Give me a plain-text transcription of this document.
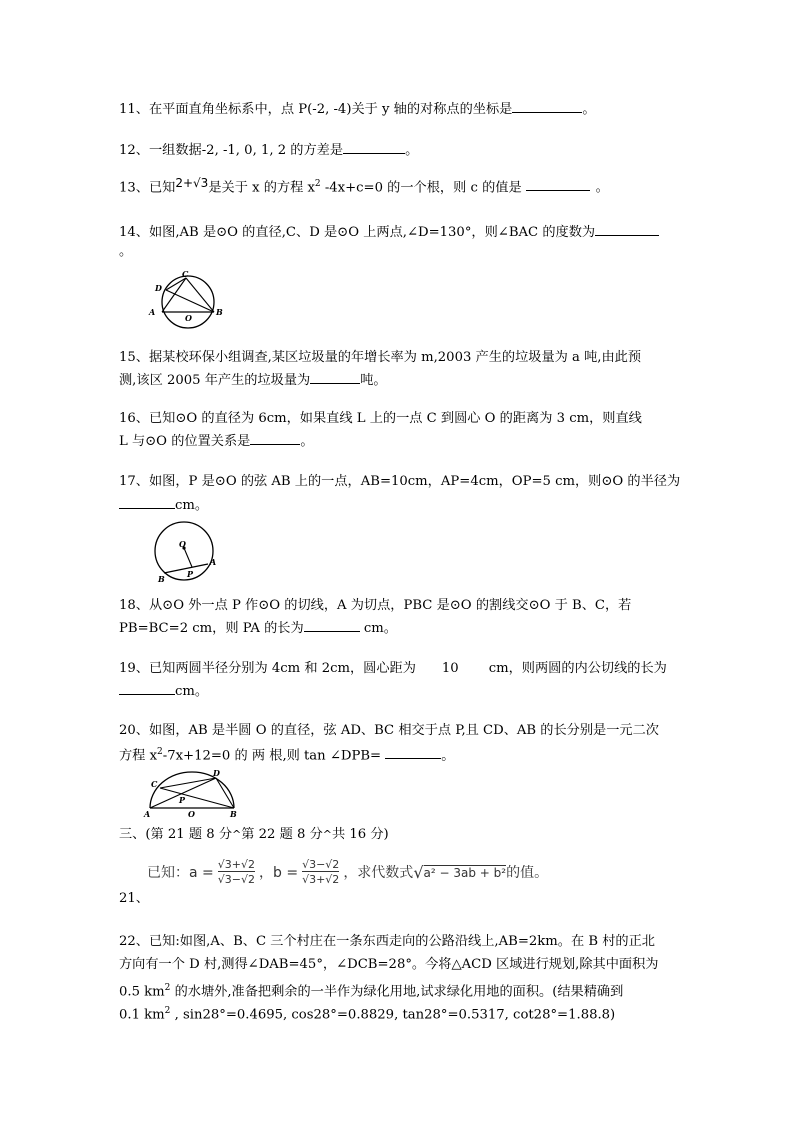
11、在平面直角坐标系中，点 P(-2, -4)关于 y 轴的对称点的坐标是	。
12、一组数据-2, -1, 0, 1, 2 的方差是	。
13、已知2+√3是关于 x 的方程 $x^2$ -4x+c=0 的一个根，则 c 的值是	。
14、如图,AB 是⊙O 的直径,C、D 是⊙O 上两点,∠D=130°，则∠BAC 的度数为
。
C
D
A	B
O
15、据某校环保小组调查,某区垃圾量的年增长率为 m,2003 产生的垃圾量为 a 吨,由此预
测,该区 2005 年产生的垃圾量为	吨。
16、已知⊙O 的直径为 6cm，如果直线 L 上的一点 C 到圆心 O 的距离为 3 cm，则直线
L 与⊙O 的位置关系是	。
17、如图，P 是⊙O 的弦 AB 上的一点，AB=10cm，AP=4cm，OP=5 cm，则⊙O 的半径为
cm。
O
A
B	P
18、从⊙O 外一点 P 作⊙O 的切线，A 为切点，PBC 是⊙O 的割线交⊙O 于 B、C，若
PB=BC=2 cm，则 PA 的长为	cm。
19、已知两圆半径分别为 4cm 和 2cm，圆心距为 10 cm，则两圆的内公切线的长为
cm。
20、如图，AB 是半圆 O 的直径，弦 AD、BC 相交于点 P,且 CD、AB 的长分别是一元二次
方程 $x^2-7x+12=0$ 的 两 根,则 tan ∠DPB=	。
C
D
A	B
P
O
三、(第 21 题 8 分^第 22 题 8 分^共 16 分)
已知：$a = \frac{√3+√2}{√3-√2}$ ，$b = \frac{√3-√2}{√3+√2}$ ，求代数式 √ a² − 3ab + b² 的值。
21、
22、已知:如图,A、B、C 三个村庄在一条东西走向的公路沿线上,AB=2km。在 B 村的正北
方向有一个 D 村,测得∠DAB=45°，∠DCB=28°。今将△ACD 区域进行规划,除其中面积为
0.5 $km^2$ 的水塘外,准备把剩余的一半作为绿化用地,试求绿化用地的面积。(结果精确到
0.1 $km^2$ , sin28°=0.4695, cos28°=0.8829, tan28°=0.5317, cot28°=1.88.8)
